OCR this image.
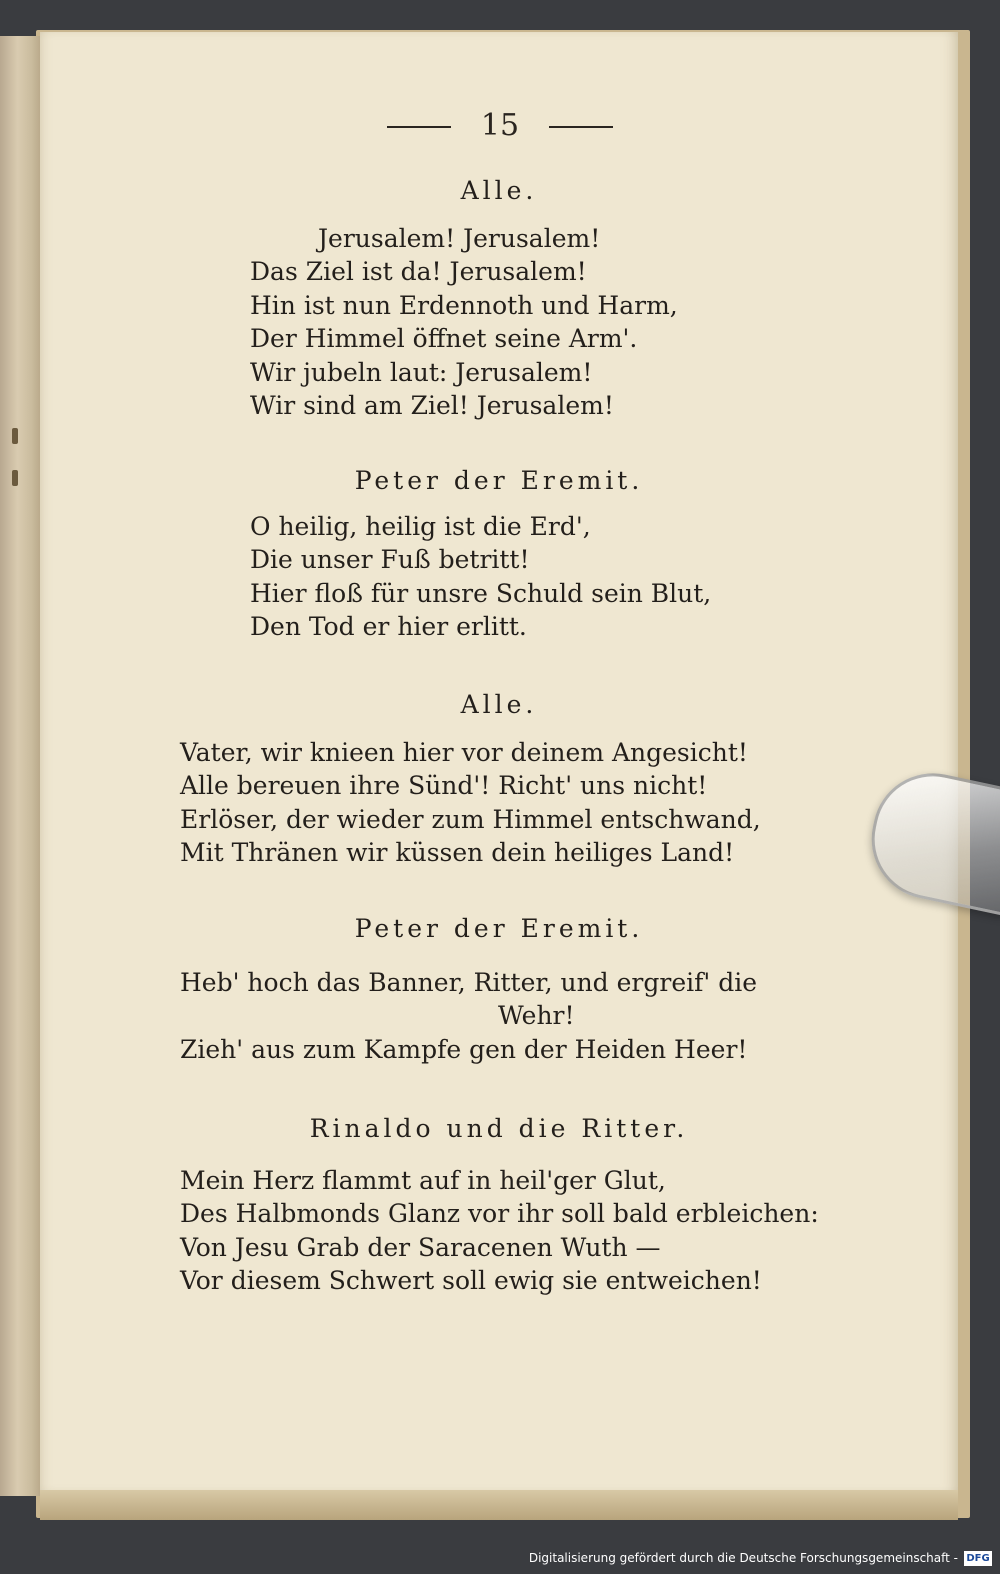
15
Alle.
Jerusalem! Jerusalem!
Das Ziel ist da! Jerusalem!
Hin ist nun Erdennoth und Harm,
Der Himmel öffnet seine Arm'.
Wir jubeln laut: Jerusalem!
Wir sind am Ziel! Jerusalem!
Peter der Eremit.
O heilig, heilig ist die Erd',
Die unser Fuß betritt!
Hier floß für unsre Schuld sein Blut,
Den Tod er hier erlitt.
Alle.
Vater, wir knieen hier vor deinem Angesicht!
Alle bereuen ihre Sünd'! Richt' uns nicht!
Erlöser, der wieder zum Himmel entschwand,
Mit Thränen wir küssen dein heiliges Land!
Peter der Eremit.
Heb' hoch das Banner, Ritter, und ergreif' die
Wehr!
Zieh' aus zum Kampfe gen der Heiden Heer!
Rinaldo und die Ritter.
Mein Herz flammt auf in heil'ger Glut,
Des Halbmonds Glanz vor ihr soll bald erbleichen:
Von Jesu Grab der Saracenen Wuth —
Vor diesem Schwert soll ewig sie entweichen!
Digitalisierung gefördert durch die Deutsche Forschungsgemeinschaft - DFG
